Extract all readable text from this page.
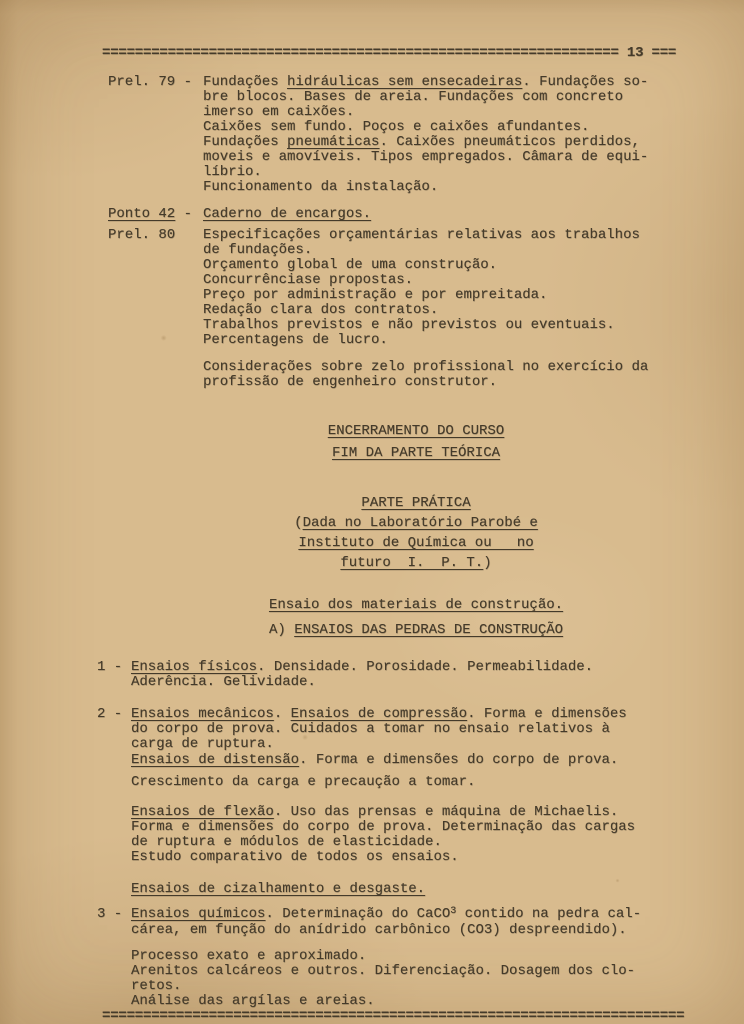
=============================================================== 13 ===
Prel. 79 - Fundações hidráulicas sem ensecadeiras. Fundações so-
bre blocos. Bases de areia. Fundações com concreto
imerso em caixões.
Caixões sem fundo. Poços e caixões afundantes.
Fundações pneumáticas. Caixões pneumáticos perdidos,
moveis e amovíveis. Tipos empregados. Câmara de equi-
líbrio.
Funcionamento da instalação.
Ponto 42 - Caderno de encargos.
Prel. 80	Especificações orçamentárias relativas aos trabalhos
de fundações.
Orçamento global de uma construção.
Concurrênciase propostas.
Preço por administração e por empreitada.
Redação clara dos contratos.
Trabalhos previstos e não previstos ou eventuais.
Percentagens de lucro.
Considerações sobre zelo profissional no exercício da
profissão de engenheiro construtor.
ENCERRAMENTO DO CURSO
FIM DA PARTE TEÓRICA
PARTE PRÁTICA
(Dada no Laboratório Parobé e
Instituto de Química ou   no
futuro  I.  P. T.)
Ensaio dos materiais de construção.
A) ENSAIOS DAS PEDRAS DE CONSTRUÇÃO
1 - Ensaios físicos. Densidade. Porosidade. Permeabilidade.
Aderência. Gelividade.
2 - Ensaios mecânicos. Ensaios de compressão. Forma e dimensões
do corpo de prova. Cuidados a tomar no ensaio relativos à
carga de ruptura.
Ensaios de distensão. Forma e dimensões do corpo de prova.
Crescimento da carga e precaução a tomar.
Ensaios de flexão. Uso das prensas e máquina de Michaelis.
Forma e dimensões do corpo de prova. Determinação das cargas
de ruptura e módulos de elasticidade.
Estudo comparativo de todos os ensaios.
Ensaios de cizalhamento e desgaste.
3 - Ensaios químicos. Determinação do CaCO$^3$ contido na pedra cal-
cárea, em função do anídrido carbônico (CO3) despreendido).
Processo exato e aproximado.
Arenitos calcáreos e outros. Diferenciação. Dosagem dos clo-
retos.
Análise das argílas e areias.
=======================================================================
